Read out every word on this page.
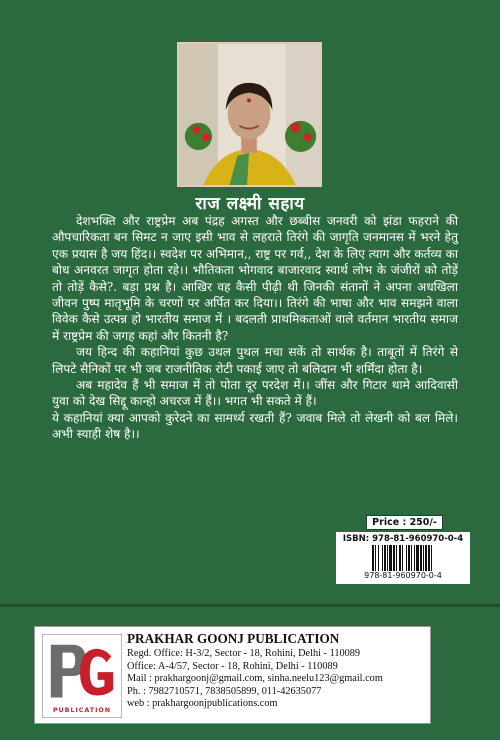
राज लक्ष्मी सहाय

देशभक्ति और राष्ट्रप्रेम अब पंद्रह अगस्त और छब्बीस जनवरी को झंडा फहराने की औपचारिकता बन सिमट न जाए इसी भाव से लहराते तिरंगे की जागृति जनमानस में भरने हेतु एक प्रयास है जय हिंद।। स्वदेश पर अभिमान,, राष्ट्र पर गर्व,, देश के लिए त्याग और कर्तव्य का बोध अनवरत जागृत होता रहे।। भौतिकता भोगवाद बाजारवाद स्वार्थ लोभ के जंजीरों को तोड़ें तो तोड़ें कैसे?. बड़ा प्रश्न है। आखिर वह कैसी पीढ़ी थी जिनकी संतानों ने अपना अधखिला जीवन पुष्प मातृभूमि के चरणों पर अर्पित कर दिया।। तिरंगे की भाषा और भाव समझने वाला विवेक कैसे उत्पन्न हो भारतीय समाज में । बदलती प्राथमिकताओं वाले वर्तमान भारतीय समाज में राष्ट्रप्रेम की जगह कहां और कितनी है?

जय हिन्द की कहानियां कुछ उथल पुथल मचा सकें तो सार्थक है। ताबूतों में तिरंगे से लिपटे सैनिकों पर भी जब राजनीतिक रोटी पकाई जाए तो बलिदान भी शर्मिंदा होता है।

अब महादेव हैं भी समाज में तो पोता दूर परदेश में।। जींस और गिटार थामे आदिवासी युवा को देख सिद्दू कान्हो अचरज में हैं।। भगत भी सकते में हैं।

ये कहानियां क्या आपको कुरेदने का सामर्थ्य रखती हैं? जवाब मिले तो लेखनी को बल मिले। अभी स्याही शेष है।।

Price : 250/-
ISBN: 978-81-960970-0-4
978-81-960970-0-4
PUBLICATION
PRAKHAR GOONJ PUBLICATION
Regd. Office: H-3/2, Sector - 18, Rohini, Delhi - 110089
Office: A-4/57, Sector - 18, Rohini, Delhi - 110089
Mail : prakhargoonj@gmail.com, sinha.neelu123@gmail.com
Ph. : 7982710571, 7838505899, 011-42635077
web : prakhargoonjpublications.com
